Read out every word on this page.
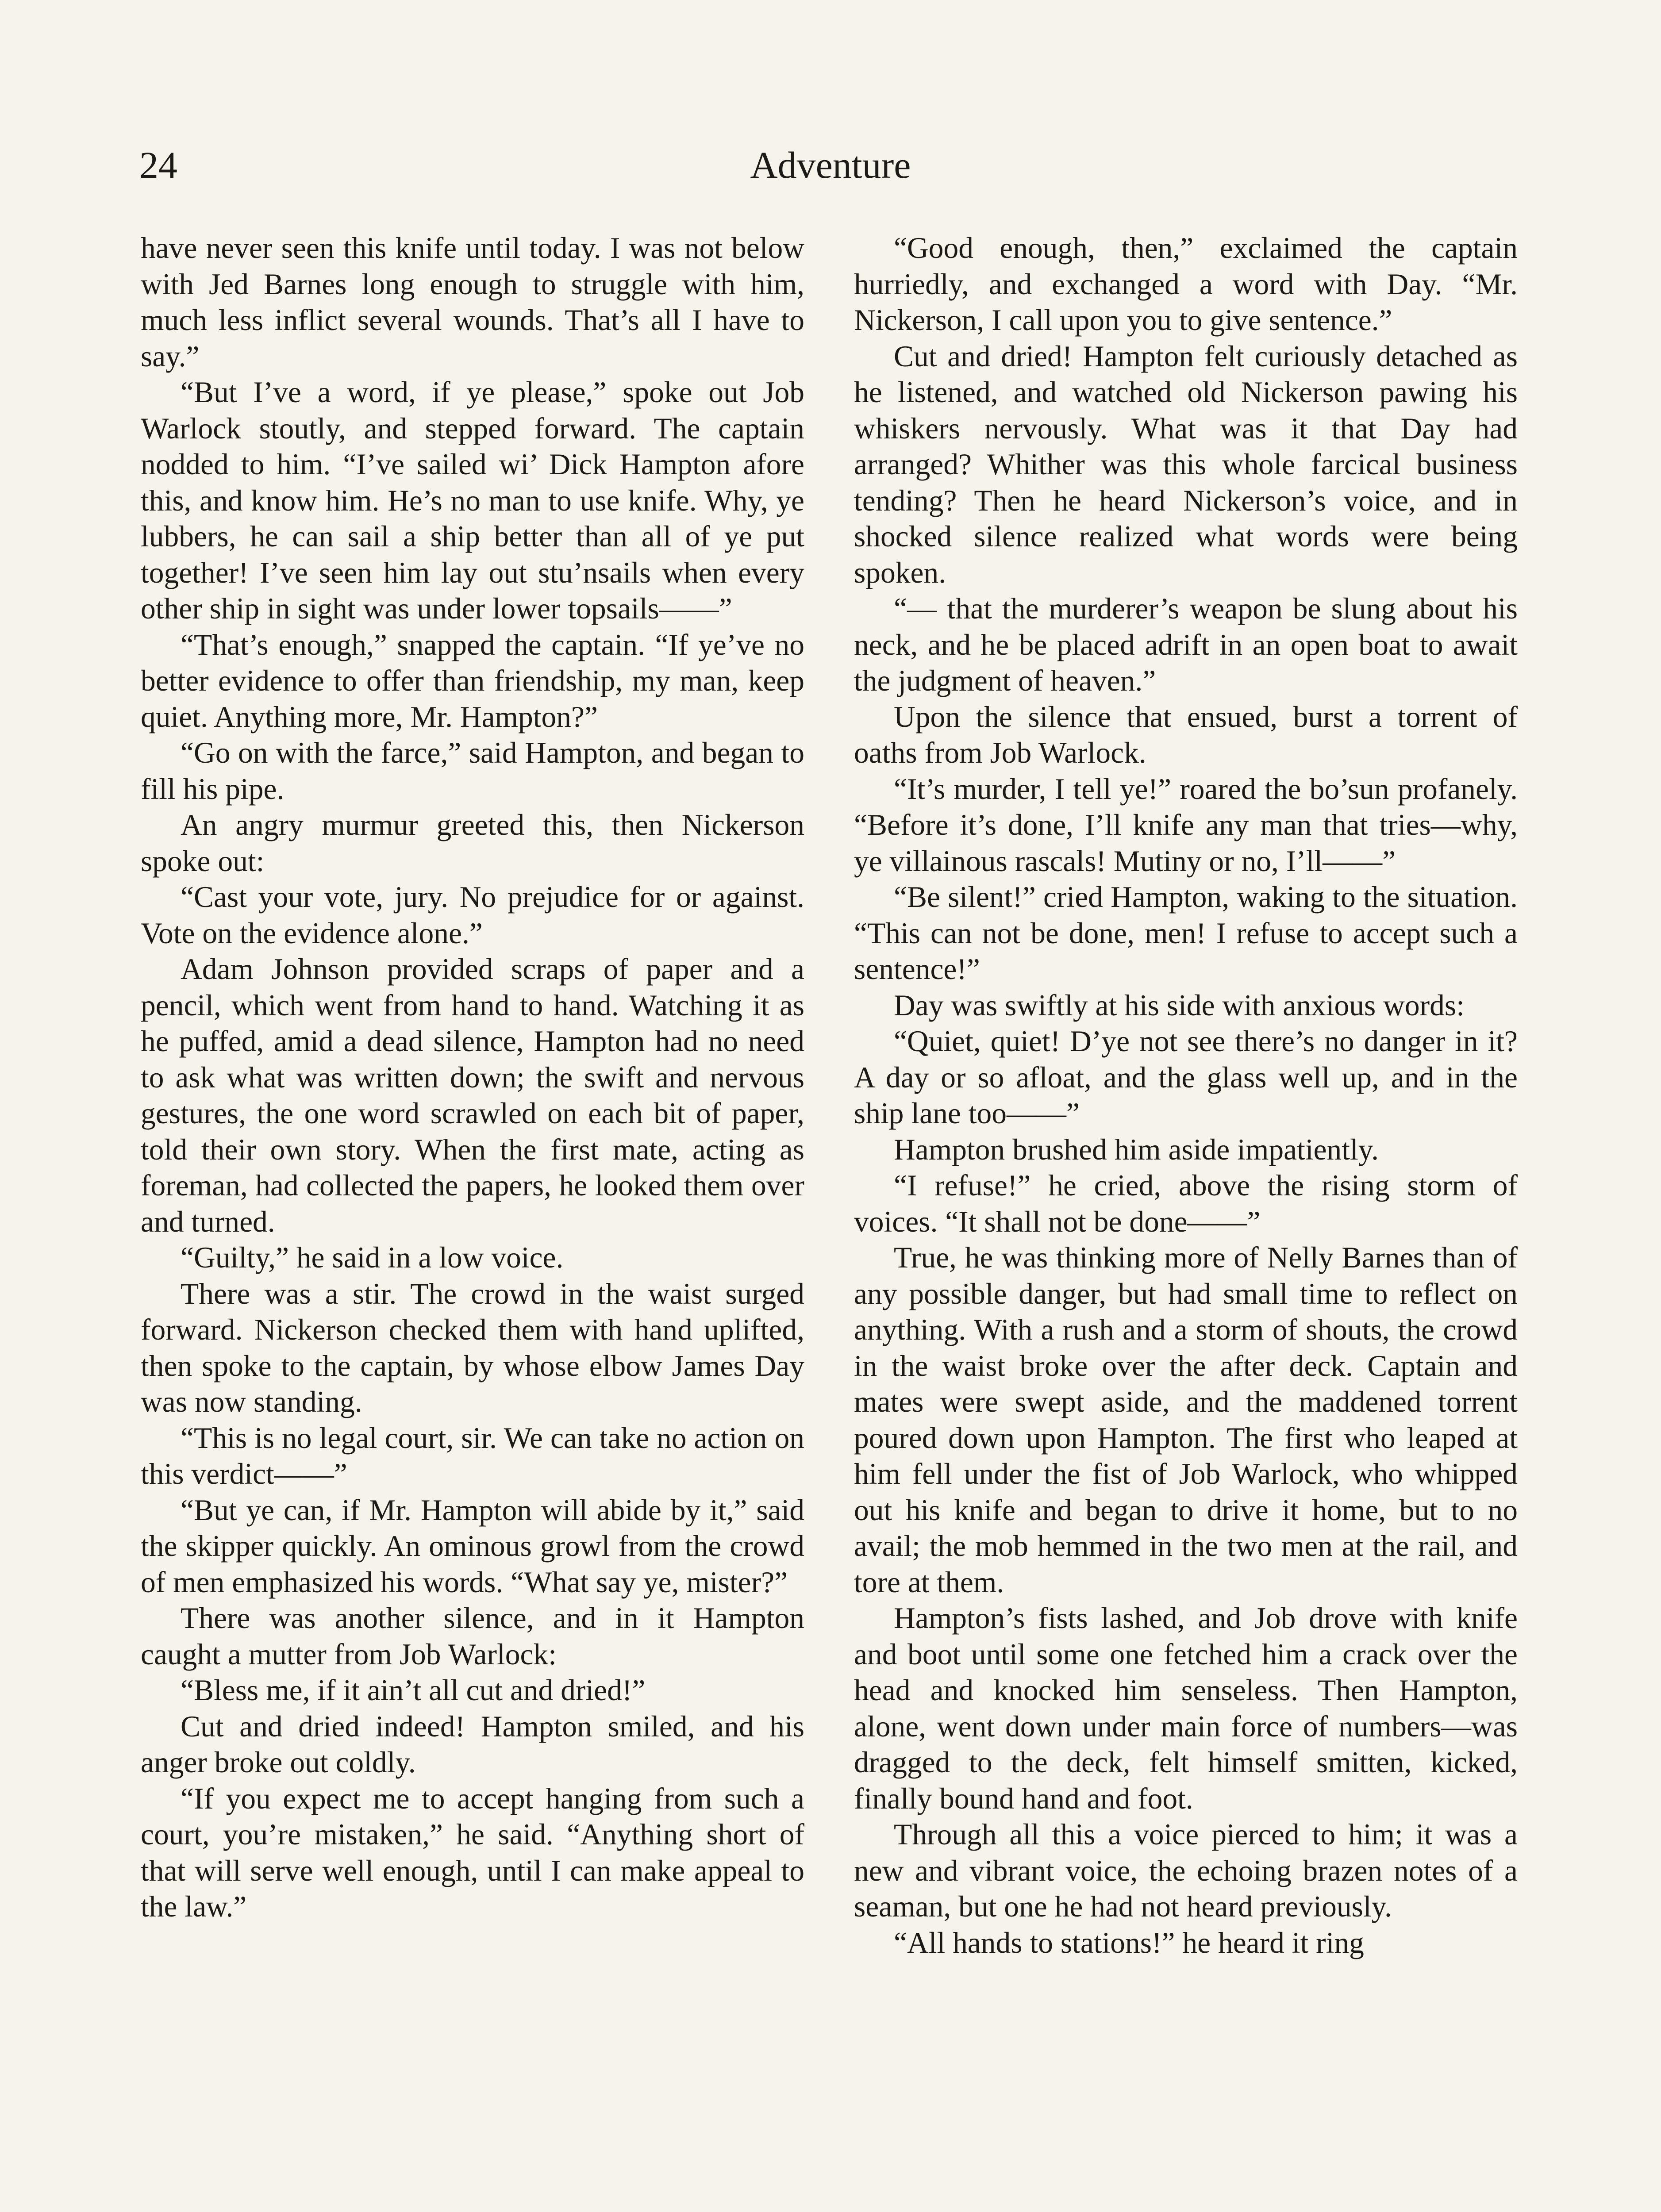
24	Adventure

have never seen this knife until today. I was not below with Jed Barnes long enough to struggle with him, much less inflict several wounds. That’s all I have to say.”

“But I’ve a word, if ye please,” spoke out Job Warlock stoutly, and stepped forward. The captain nodded to him. “I’ve sailed wi’ Dick Hampton afore this, and know him. He’s no man to use knife. Why, ye lubbers, he can sail a ship better than all of ye put together! I’ve seen him lay out stu’nsails when every other ship in sight was under lower topsails——”

“That’s enough,” snapped the captain. “If ye’ve no better evidence to offer than friendship, my man, keep quiet. Anything more, Mr. Hampton?”

“Go on with the farce,” said Hampton, and began to fill his pipe.

An angry murmur greeted this, then Nickerson spoke out:

“Cast your vote, jury. No prejudice for or against. Vote on the evidence alone.”

Adam Johnson provided scraps of paper and a pencil, which went from hand to hand. Watching it as he puffed, amid a dead silence, Hampton had no need to ask what was written down; the swift and nervous gestures, the one word scrawled on each bit of paper, told their own story. When the first mate, acting as foreman, had collected the papers, he looked them over and turned.

“Guilty,” he said in a low voice.

There was a stir. The crowd in the waist surged forward. Nickerson checked them with hand uplifted, then spoke to the captain, by whose elbow James Day was now standing.

“This is no legal court, sir. We can take no action on this verdict——”

“But ye can, if Mr. Hampton will abide by it,” said the skipper quickly. An ominous growl from the crowd of men emphasized his words. “What say ye, mister?”

There was another silence, and in it Hampton caught a mutter from Job Warlock:

“Bless me, if it ain’t all cut and dried!”

Cut and dried indeed! Hampton smiled, and his anger broke out coldly.

“If you expect me to accept hanging from such a court, you’re mistaken,” he said. “Anything short of that will serve well enough, until I can make appeal to the law.”

“Good enough, then,” exclaimed the captain hurriedly, and exchanged a word with Day. “Mr. Nickerson, I call upon you to give sentence.”

Cut and dried! Hampton felt curiously detached as he listened, and watched old Nickerson pawing his whiskers nervously. What was it that Day had arranged? Whither was this whole farcical business tending? Then he heard Nickerson’s voice, and in shocked silence realized what words were being spoken.

“— that the murderer’s weapon be slung about his neck, and he be placed adrift in an open boat to await the judgment of heaven.”

Upon the silence that ensued, burst a torrent of oaths from Job Warlock.

“It’s murder, I tell ye!” roared the bo’sun profanely. “Before it’s done, I’ll knife any man that tries—why, ye villainous rascals! Mutiny or no, I’ll——”

“Be silent!” cried Hampton, waking to the situation. “This can not be done, men! I refuse to accept such a sentence!”

Day was swiftly at his side with anxious words:

“Quiet, quiet! D’ye not see there’s no danger in it? A day or so afloat, and the glass well up, and in the ship lane too——”

Hampton brushed him aside impatiently.

“I refuse!” he cried, above the rising storm of voices. “It shall not be done——”

True, he was thinking more of Nelly Barnes than of any possible danger, but had small time to reflect on anything. With a rush and a storm of shouts, the crowd in the waist broke over the after deck. Captain and mates were swept aside, and the maddened torrent poured down upon Hampton. The first who leaped at him fell under the fist of Job Warlock, who whipped out his knife and began to drive it home, but to no avail; the mob hemmed in the two men at the rail, and tore at them.

Hampton’s fists lashed, and Job drove with knife and boot until some one fetched him a crack over the head and knocked him senseless. Then Hampton, alone, went down under main force of numbers—was dragged to the deck, felt himself smitten, kicked, finally bound hand and foot.

Through all this a voice pierced to him; it was a new and vibrant voice, the echoing brazen notes of a seaman, but one he had not heard previously.

“All hands to stations!” he heard it ring
